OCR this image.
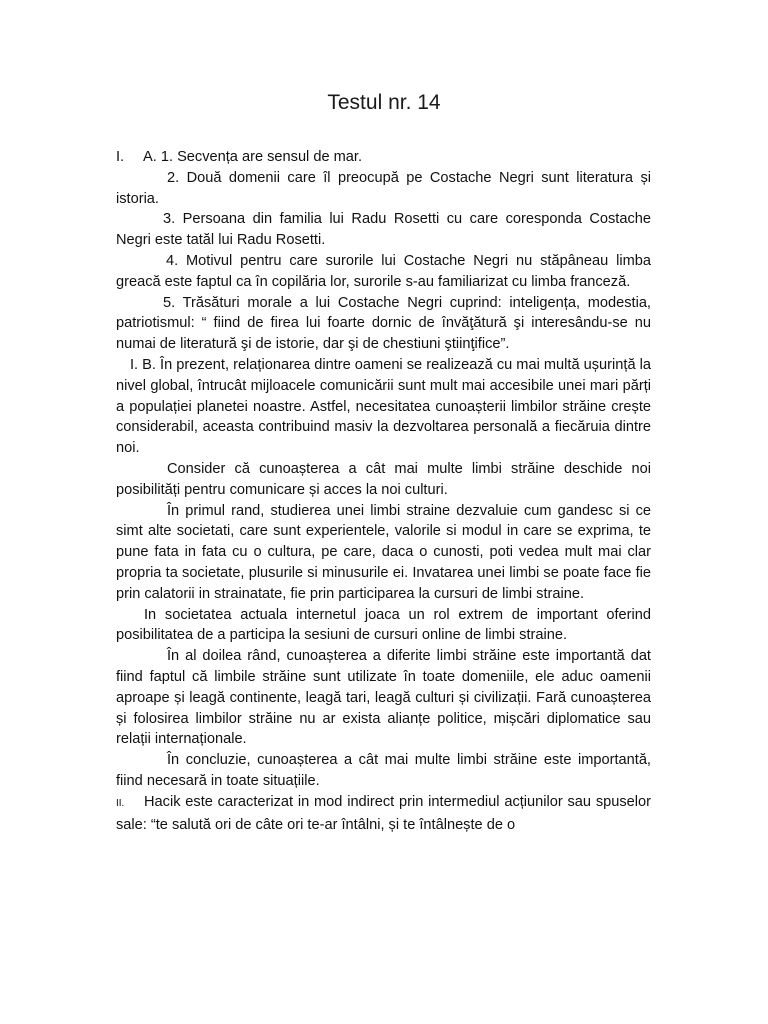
Testul nr. 14

I. A. 1. Secvența are sensul de mar.

2. Două domenii care îl preocupă pe Costache Negri sunt literatura și istoria.

3. Persoana din familia lui Radu Rosetti cu care coresponda Costache Negri este tatăl lui Radu Rosetti.

4. Motivul pentru care surorile lui Costache Negri nu stăpâneau limba greacă este faptul ca în copilăria lor, surorile s-au familiarizat cu limba franceză.

5. Trăsături morale a lui Costache Negri cuprind: inteligența, modestia, patriotismul: “ fiind de firea lui foarte dornic de învăţătură şi interesându-se nu numai de literatură şi de istorie, dar şi de chestiuni ştiinţifice”.

I. B. În prezent, relaționarea dintre oameni se realizează cu mai multă ușurință la nivel global, întrucât mijloacele comunicării sunt mult mai accesibile unei mari părți a populației planetei noastre. Astfel, necesitatea cunoașterii limbilor străine crește considerabil, aceasta contribuind masiv la dezvoltarea personală a fiecăruia dintre noi.

Consider că cunoașterea a cât mai multe limbi străine deschide noi posibilități pentru comunicare și acces la noi culturi.

În primul rand, studierea unei limbi straine dezvaluie cum gandesc si ce simt alte societati, care sunt experientele, valorile si modul in care se exprima, te pune fata in fata cu o cultura, pe care, daca o cunosti, poti vedea mult mai clar propria ta societate, plusurile si minusurile ei. Invatarea unei limbi se poate face fie prin calatorii in strainatate, fie prin participarea la cursuri de limbi straine.

In societatea actuala internetul joaca un rol extrem de important oferind posibilitatea de a participa la sesiuni de cursuri online de limbi straine.

În al doilea rând, cunoașterea a diferite limbi străine este importantă dat fiind faptul că limbile străine sunt utilizate în toate domeniile, ele aduc oamenii aproape și leagă continente, leagă tari, leagă culturi și civilizații. Fară cunoașterea și folosirea limbilor străine nu ar exista alianțe politice, mișcări diplomatice sau relații internaționale.

În concluzie, cunoașterea a cât mai multe limbi străine este importantă, fiind necesară in toate situațiile.

II. Hacik este caracterizat in mod indirect prin intermediul acțiunilor sau spuselor sale: “te salută ori de câte ori te-ar întâlni, și te întâlnește de o
